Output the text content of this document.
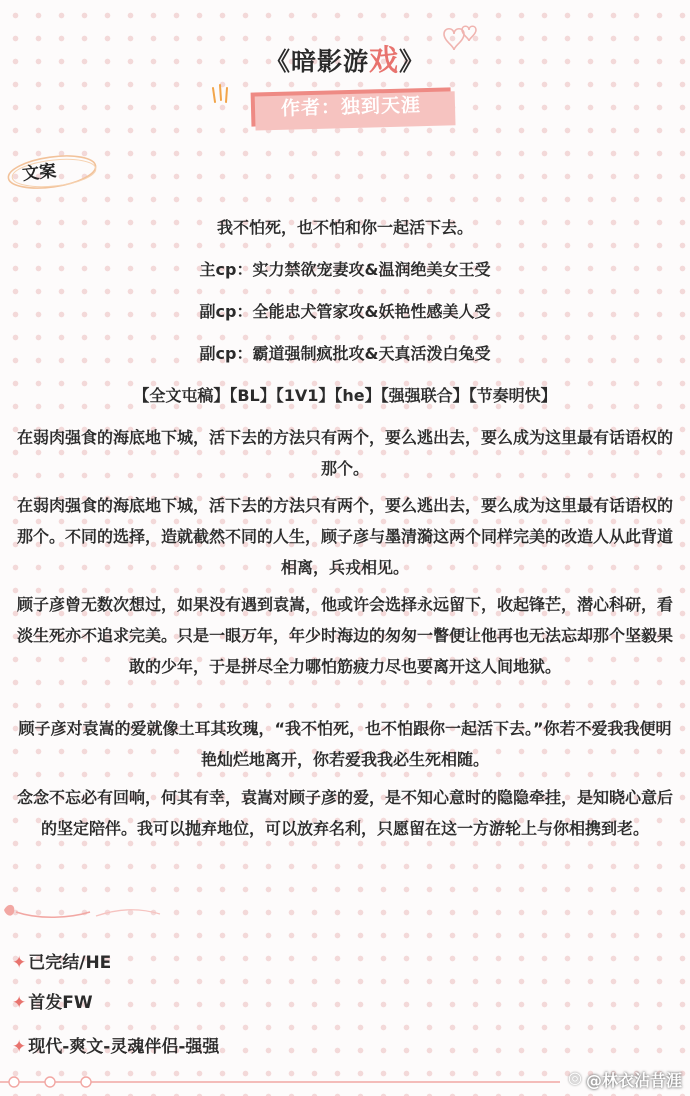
《暗影游戏》
作者：独到天涯
文案
我不怕死，也不怕和你一起活下去。
主cp：实力禁欲宠妻攻&温润绝美女王受
副cp：全能忠犬管家攻&妖艳性感美人受
副cp：霸道强制疯批攻&天真活泼白兔受
【全文屯稿】【BL】【1V1】【he】【强强联合】【节奏明快】
在弱肉强食的海底地下城，活下去的方法只有两个，要么逃出去，要么成为这里最有话语权的那个。
在弱肉强食的海底地下城，活下去的方法只有两个，要么逃出去，要么成为这里最有话语权的那个。不同的选择，造就截然不同的人生，顾子彦与墨清漪这两个同样完美的改造人从此背道相离，兵戎相见。
顾子彦曾无数次想过，如果没有遇到袁嵩，他或许会选择永远留下，收起锋芒，潜心科研，看淡生死亦不追求完美。只是一眼万年，年少时海边的匆匆一瞥便让他再也无法忘却那个坚毅果敢的少年，于是拼尽全力哪怕筋疲力尽也要离开这人间地狱。
顾子彦对袁嵩的爱就像土耳其玫瑰，“我不怕死，也不怕跟你一起活下去。”你若不爱我我便明艳灿烂地离开，你若爱我我必生死相随。
念念不忘必有回响，何其有幸，袁嵩对顾子彦的爱，是不知心意时的隐隐牵挂，是知晓心意后的坚定陪伴。我可以抛弃地位，可以放弃名利，只愿留在这一方游轮上与你相携到老。
✦ 已完结/HE
✦ 首发FW
✦ 现代-爽文-灵魂伴侣-强强
◎ @林衣沾昔涯
